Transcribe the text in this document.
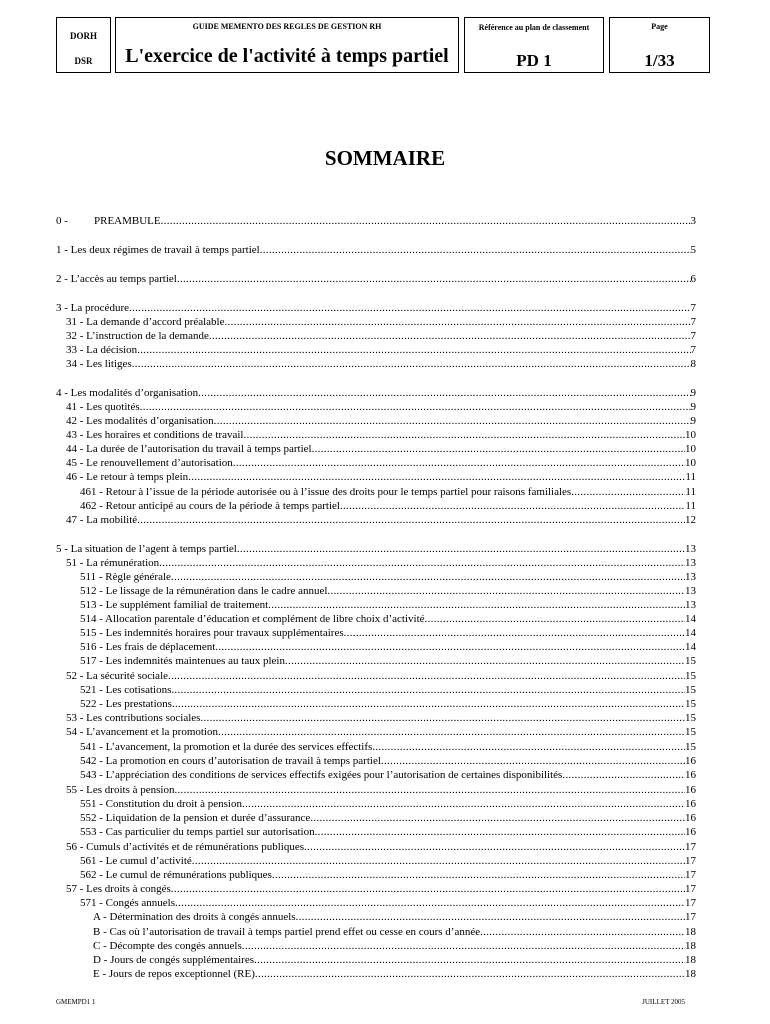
DORH
DSR
GUIDE MEMENTO DES REGLES DE GESTION RH
L'exercice de l'activité à temps partiel
Référence au plan de classement
PD 1
Page
1/33
SOMMAIRE
0 - PREAMBULE .....	3
1 - Les deux régimes de travail à temps partiel .....	5
2 - L’accès au temps partiel .....	6
3 - La procédure .....	7
31 - La demande d’accord préalable .....	7
32 - L’instruction de la demande .....	7
33 - La décision .....	7
34 - Les litiges .....	8
4 - Les modalités d’organisation .....	9
41 - Les quotités .....	9
42 - Les modalités d’organisation .....	9
43 - Les horaires et conditions de travail .....	10
44 - La durée de l’autorisation du travail à temps partiel .....	10
45 - Le renouvellement d’autorisation .....	10
46 - Le retour à temps plein .....	11
461 - Retour à l’issue de la période autorisée ou à l’issue des droits pour le temps partiel pour raisons familiales .....	11
462 - Retour anticipé au cours de la période à temps partiel .....	11
47 - La mobilité .....	12
5 - La situation de l’agent à temps partiel .....	13
51 - La rémunération .....	13
511 - Règle générale .....	13
512 - Le lissage de la rémunération dans le cadre annuel .....	13
513 - Le supplément familial de traitement .....	13
514 - Allocation parentale d’éducation et complément de libre choix d’activité .....	14
515 - Les indemnités horaires pour travaux supplémentaires .....	14
516 - Les frais de déplacement .....	14
517 - Les indemnités maintenues au taux plein .....	15
52 - La sécurité sociale .....	15
521 - Les cotisations .....	15
522 - Les prestations .....	15
53 - Les contributions sociales .....	15
54 - L’avancement et la promotion .....	15
541 - L’avancement, la promotion et la durée des services effectifs .....	15
542 - La promotion en cours d’autorisation de travail à temps partiel .....	16
543 - L’appréciation des conditions de services effectifs exigées pour l’autorisation de certaines disponibilités .....	16
55 - Les droits à pension .....	16
551 - Constitution du droit à pension .....	16
552 - Liquidation de la pension et durée d’assurance .....	16
553 - Cas particulier du temps partiel sur autorisation .....	16
56 - Cumuls d’activités et de rémunérations publiques .....	17
561 - Le cumul d’activité .....	17
562 - Le cumul de rémunérations publiques .....	17
57 - Les droits à congés .....	17
571 - Congés annuels .....	17
A - Détermination des droits à congés annuels .....	17
B - Cas où l’autorisation de travail à temps partiel prend effet ou cesse en cours d’année .....	18
C - Décompte des congés annuels .....	18
D - Jours de congés supplémentaires .....	18
E - Jours de repos exceptionnel (RE) .....	18
GMEMPD1 1	JUILLET 2005
